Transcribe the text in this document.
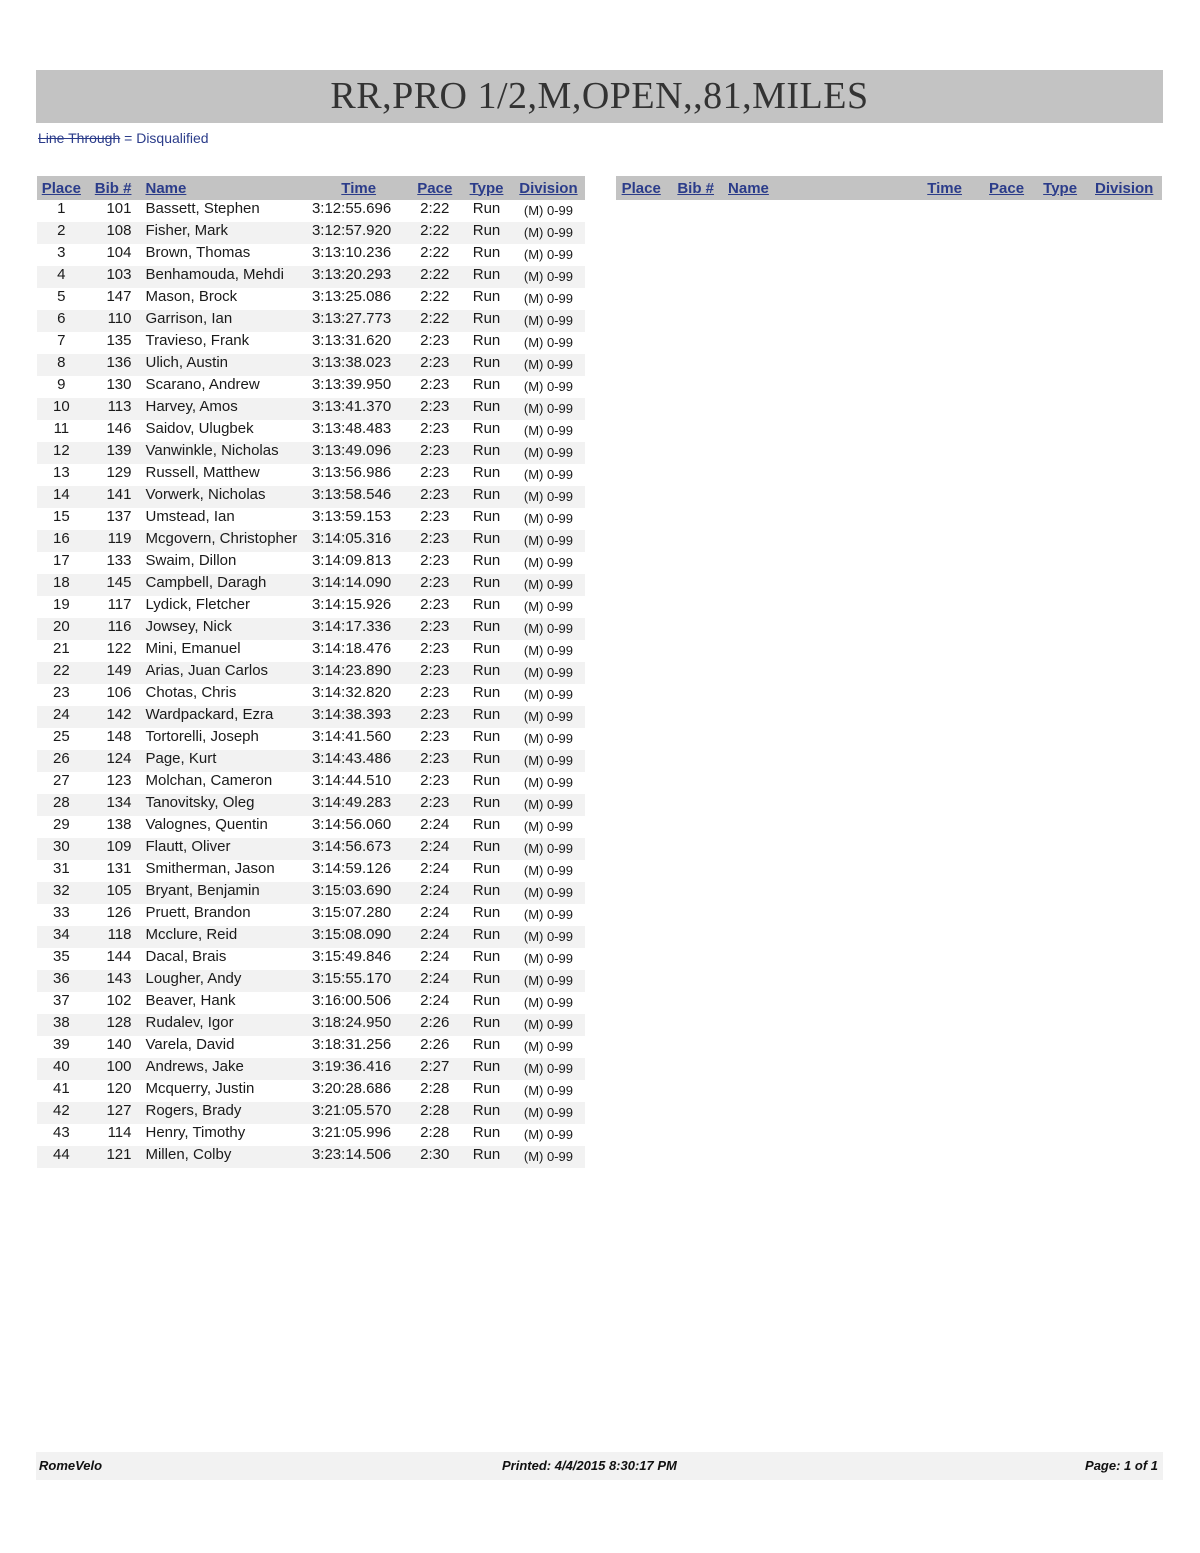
RR,PRO 1/2,M,OPEN,,81,MILES
Line Through = Disqualified
Place	Bib #	Name	Time	Pace	Type	Division
1	101	Bassett, Stephen	3:12:55.696	2:22	Run	(M) 0-99
2	108	Fisher, Mark	3:12:57.920	2:22	Run	(M) 0-99
3	104	Brown, Thomas	3:13:10.236	2:22	Run	(M) 0-99
4	103	Benhamouda, Mehdi	3:13:20.293	2:22	Run	(M) 0-99
5	147	Mason, Brock	3:13:25.086	2:22	Run	(M) 0-99
6	110	Garrison, Ian	3:13:27.773	2:22	Run	(M) 0-99
7	135	Travieso, Frank	3:13:31.620	2:23	Run	(M) 0-99
8	136	Ulich, Austin	3:13:38.023	2:23	Run	(M) 0-99
9	130	Scarano, Andrew	3:13:39.950	2:23	Run	(M) 0-99
10	113	Harvey, Amos	3:13:41.370	2:23	Run	(M) 0-99
11	146	Saidov, Ulugbek	3:13:48.483	2:23	Run	(M) 0-99
12	139	Vanwinkle, Nicholas	3:13:49.096	2:23	Run	(M) 0-99
13	129	Russell, Matthew	3:13:56.986	2:23	Run	(M) 0-99
14	141	Vorwerk, Nicholas	3:13:58.546	2:23	Run	(M) 0-99
15	137	Umstead, Ian	3:13:59.153	2:23	Run	(M) 0-99
16	119	Mcgovern, Christopher	3:14:05.316	2:23	Run	(M) 0-99
17	133	Swaim, Dillon	3:14:09.813	2:23	Run	(M) 0-99
18	145	Campbell, Daragh	3:14:14.090	2:23	Run	(M) 0-99
19	117	Lydick, Fletcher	3:14:15.926	2:23	Run	(M) 0-99
20	116	Jowsey, Nick	3:14:17.336	2:23	Run	(M) 0-99
21	122	Mini, Emanuel	3:14:18.476	2:23	Run	(M) 0-99
22	149	Arias, Juan Carlos	3:14:23.890	2:23	Run	(M) 0-99
23	106	Chotas, Chris	3:14:32.820	2:23	Run	(M) 0-99
24	142	Wardpackard, Ezra	3:14:38.393	2:23	Run	(M) 0-99
25	148	Tortorelli, Joseph	3:14:41.560	2:23	Run	(M) 0-99
26	124	Page, Kurt	3:14:43.486	2:23	Run	(M) 0-99
27	123	Molchan, Cameron	3:14:44.510	2:23	Run	(M) 0-99
28	134	Tanovitsky, Oleg	3:14:49.283	2:23	Run	(M) 0-99
29	138	Valognes, Quentin	3:14:56.060	2:24	Run	(M) 0-99
30	109	Flautt, Oliver	3:14:56.673	2:24	Run	(M) 0-99
31	131	Smitherman, Jason	3:14:59.126	2:24	Run	(M) 0-99
32	105	Bryant, Benjamin	3:15:03.690	2:24	Run	(M) 0-99
33	126	Pruett, Brandon	3:15:07.280	2:24	Run	(M) 0-99
34	118	Mcclure, Reid	3:15:08.090	2:24	Run	(M) 0-99
35	144	Dacal, Brais	3:15:49.846	2:24	Run	(M) 0-99
36	143	Lougher, Andy	3:15:55.170	2:24	Run	(M) 0-99
37	102	Beaver, Hank	3:16:00.506	2:24	Run	(M) 0-99
38	128	Rudalev, Igor	3:18:24.950	2:26	Run	(M) 0-99
39	140	Varela, David	3:18:31.256	2:26	Run	(M) 0-99
40	100	Andrews, Jake	3:19:36.416	2:27	Run	(M) 0-99
41	120	Mcquerry, Justin	3:20:28.686	2:28	Run	(M) 0-99
42	127	Rogers, Brady	3:21:05.570	2:28	Run	(M) 0-99
43	114	Henry, Timothy	3:21:05.996	2:28	Run	(M) 0-99
44	121	Millen, Colby	3:23:14.506	2:30	Run	(M) 0-99
Place	Bib #	Name	Time	Pace	Type	Division
RomeVelo	Printed: 4/4/2015 8:30:17 PM	Page: 1 of 1
